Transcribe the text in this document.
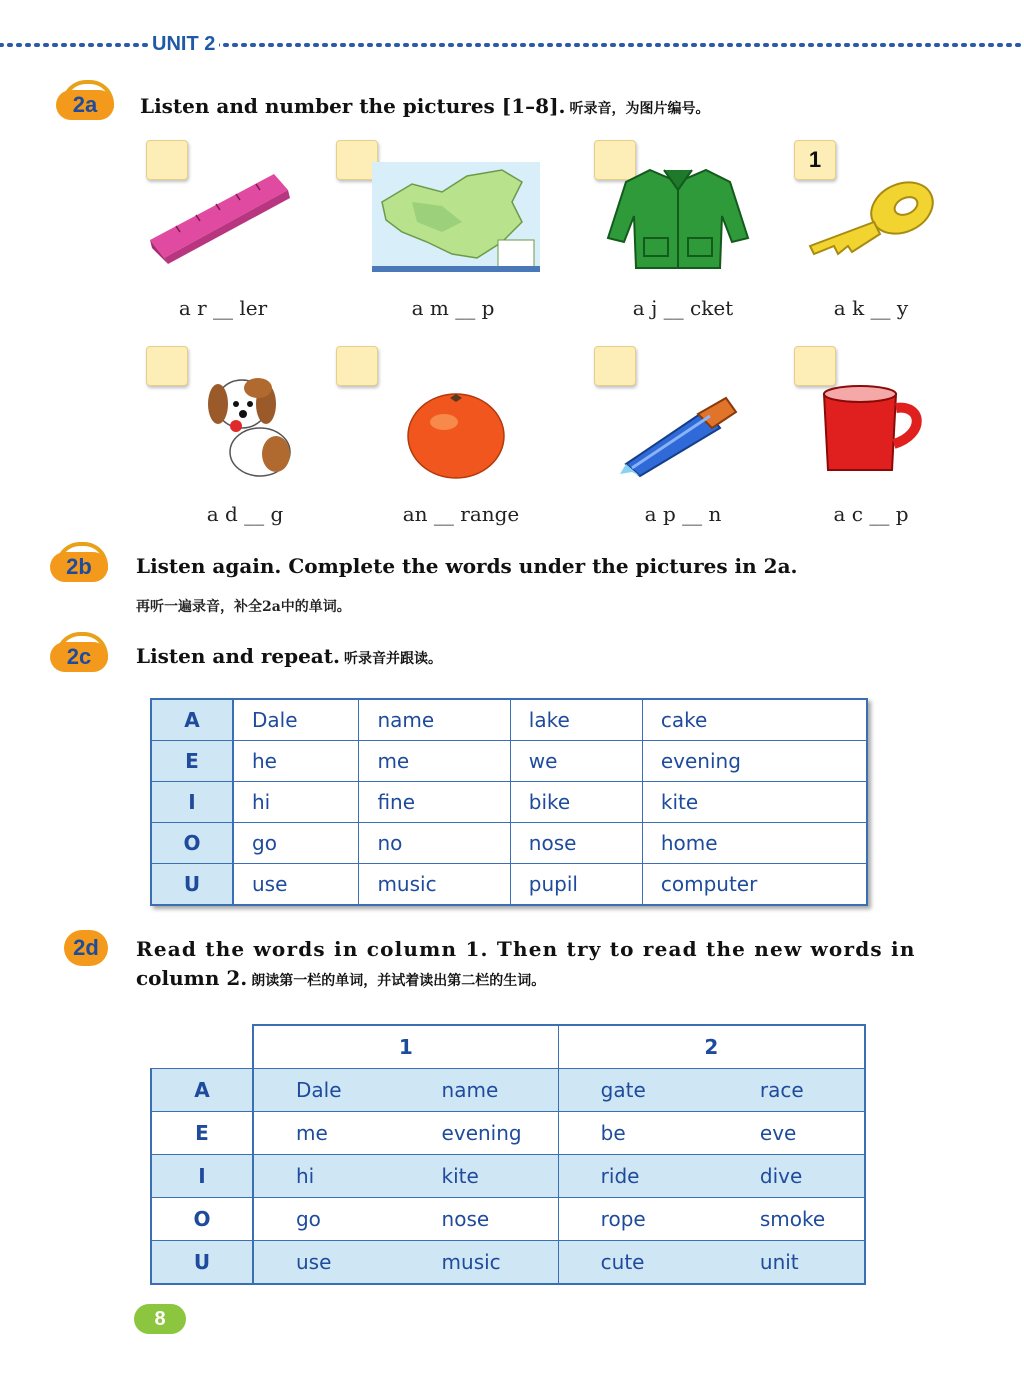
UNIT 2
2a	Listen and number the pictures [1–8]. 听录音，为图片编号。
1
a r __ ler	a m __ p	a j __ cket	a k __ y
a d __ g	an __ range	a p __ n	a c __ p
2b	Listen again. Complete the words under the pictures in 2a.
再听一遍录音，补全2a中的单词。
2c	Listen and repeat. 听录音并跟读。
A	Dale	name	lake	cake
E	he	me	we	evening
I	hi	fine	bike	kite
O	go	no	nose	home
U	use	music	pupil	computer
2d	Read the words in column 1. Then try to read the new words in
column 2. 朗读第一栏的单词，并试着读出第二栏的生词。
	1		2	
A	Dale	name	gate	race
E	me	evening	be	eve
I	hi	kite	ride	dive
O	go	nose	rope	smoke
U	use	music	cute	unit
8
